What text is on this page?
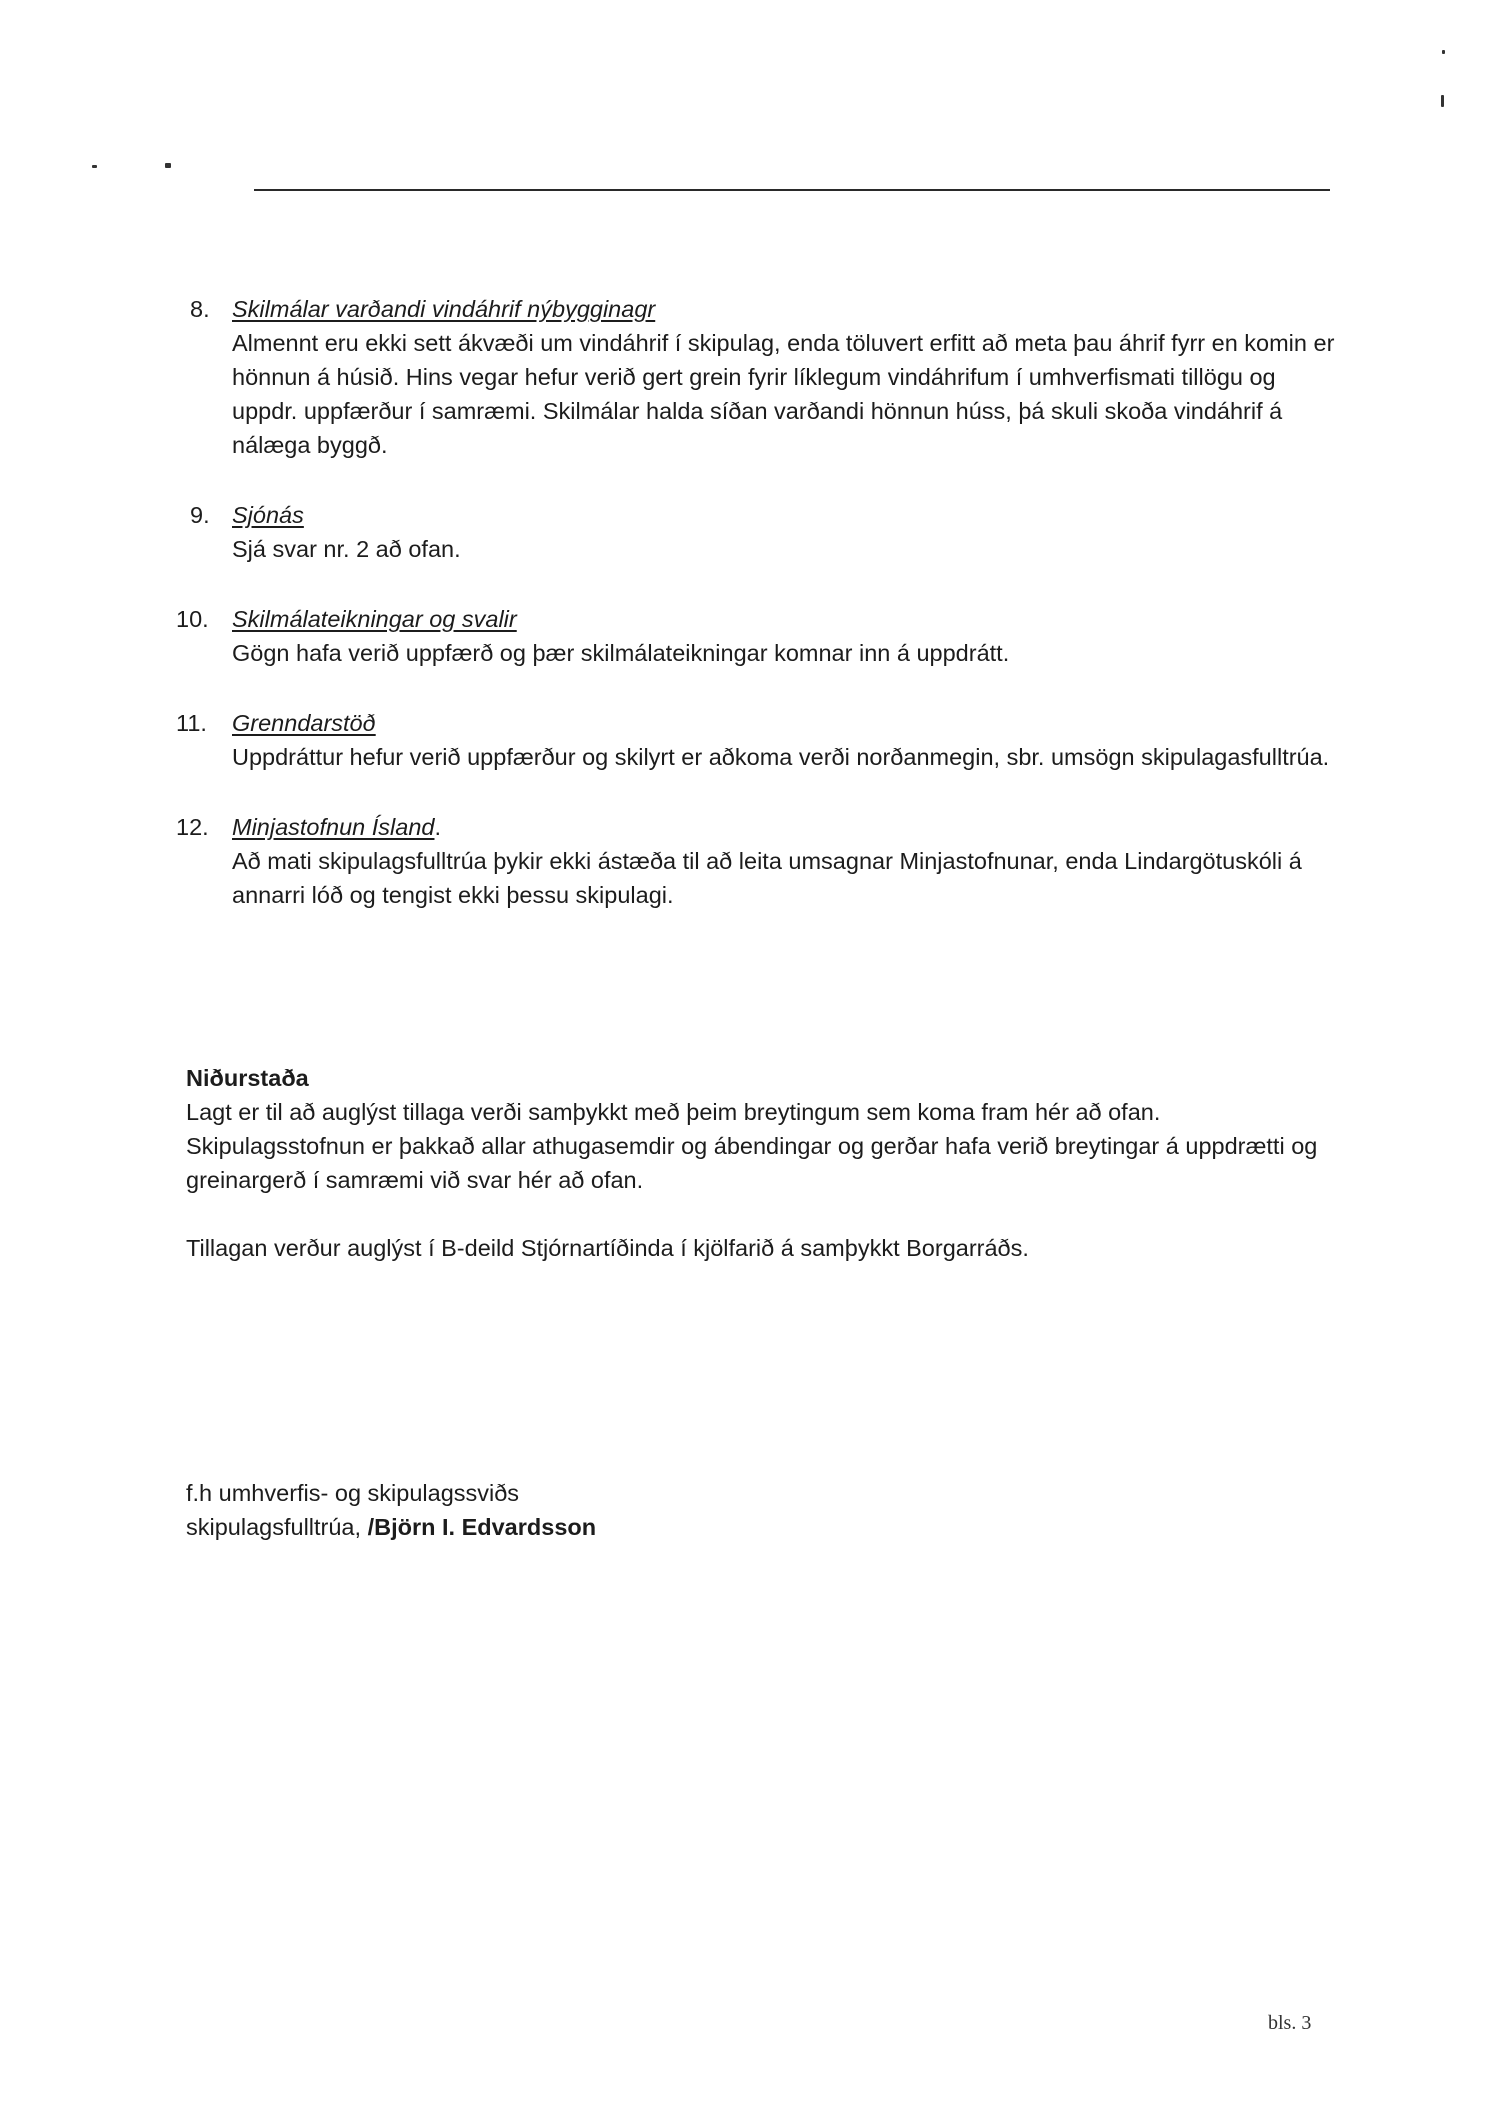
8. Skilmálar varðandi vindáhrif nýbygginagr

Almennt eru ekki sett ákvæði um vindáhrif í skipulag, enda töluvert erfitt að meta þau áhrif fyrr en komin er hönnun á húsið. Hins vegar hefur verið gert grein fyrir líklegum vindáhrifum í umhverfismati tillögu og uppdr. uppfærður í samræmi. Skilmálar halda síðan varðandi hönnun húss, þá skuli skoða vindáhrif á nálæga byggð.

9. Sjónás

Sjá svar nr. 2 að ofan.

10. Skilmálateikningar og svalir

Gögn hafa verið uppfærð og þær skilmálateikningar komnar inn á uppdrátt.

11. Grenndarstöð

Uppdráttur hefur verið uppfærður og skilyrt er aðkoma verði norðanmegin, sbr. umsögn skipulagasfulltrúa.

12. Minjastofnun Ísland.

Að mati skipulagsfulltrúa þykir ekki ástæða til að leita umsagnar Minjastofnunar, enda Lindargötuskóli á annarri lóð og tengist ekki þessu skipulagi.

Niðurstaða

Lagt er til að auglýst tillaga verði samþykkt með þeim breytingum sem koma fram hér að ofan. Skipulagsstofnun er þakkað allar athugasemdir og ábendingar og gerðar hafa verið breytingar á uppdrætti og greinargerð í samræmi við svar hér að ofan.

Tillagan verður auglýst í B-deild Stjórnartíðinda í kjölfarið á samþykkt Borgarráðs.

f.h umhverfis- og skipulagssviðs
skipulagsfulltrúa, /Björn I. Edvardsson
bls. 3
